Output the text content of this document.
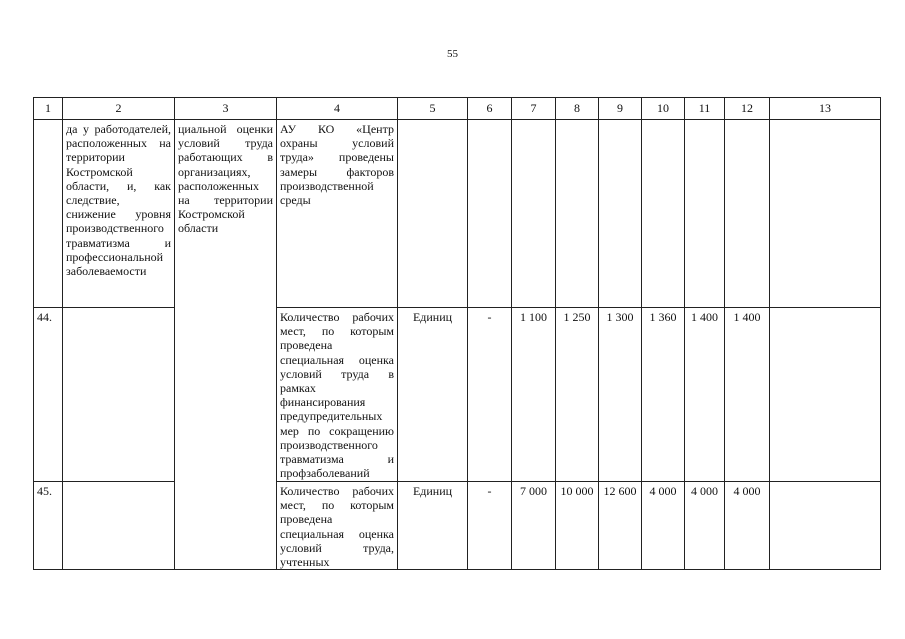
55
1	2	3	4	5	6	7	8	9	10	11	12	13
	да у работодателей, расположенных на территории Костромской области, и, как следствие, снижение уровня производственного травматизма и профессиональной заболеваемости	циальной оценки условий труда работающих в организациях, расположенных на территории Костромской области	АУ КО «Центр охраны условий труда» проведены замеры факторов производственной среды									
44.			Количество рабочих мест, по которым проведена специальная оценка условий труда в рамках финансирования предупредительных мер по сокращению производственного травматизма и профзаболеваний	Единиц	-	1 100	1 250	1 300	1 360	1 400	1 400	
45.			Количество рабочих мест, по которым проведена специальная оценка условий труда, учтенных	Единиц	-	7 000	10 000	12 600	4 000	4 000	4 000	
